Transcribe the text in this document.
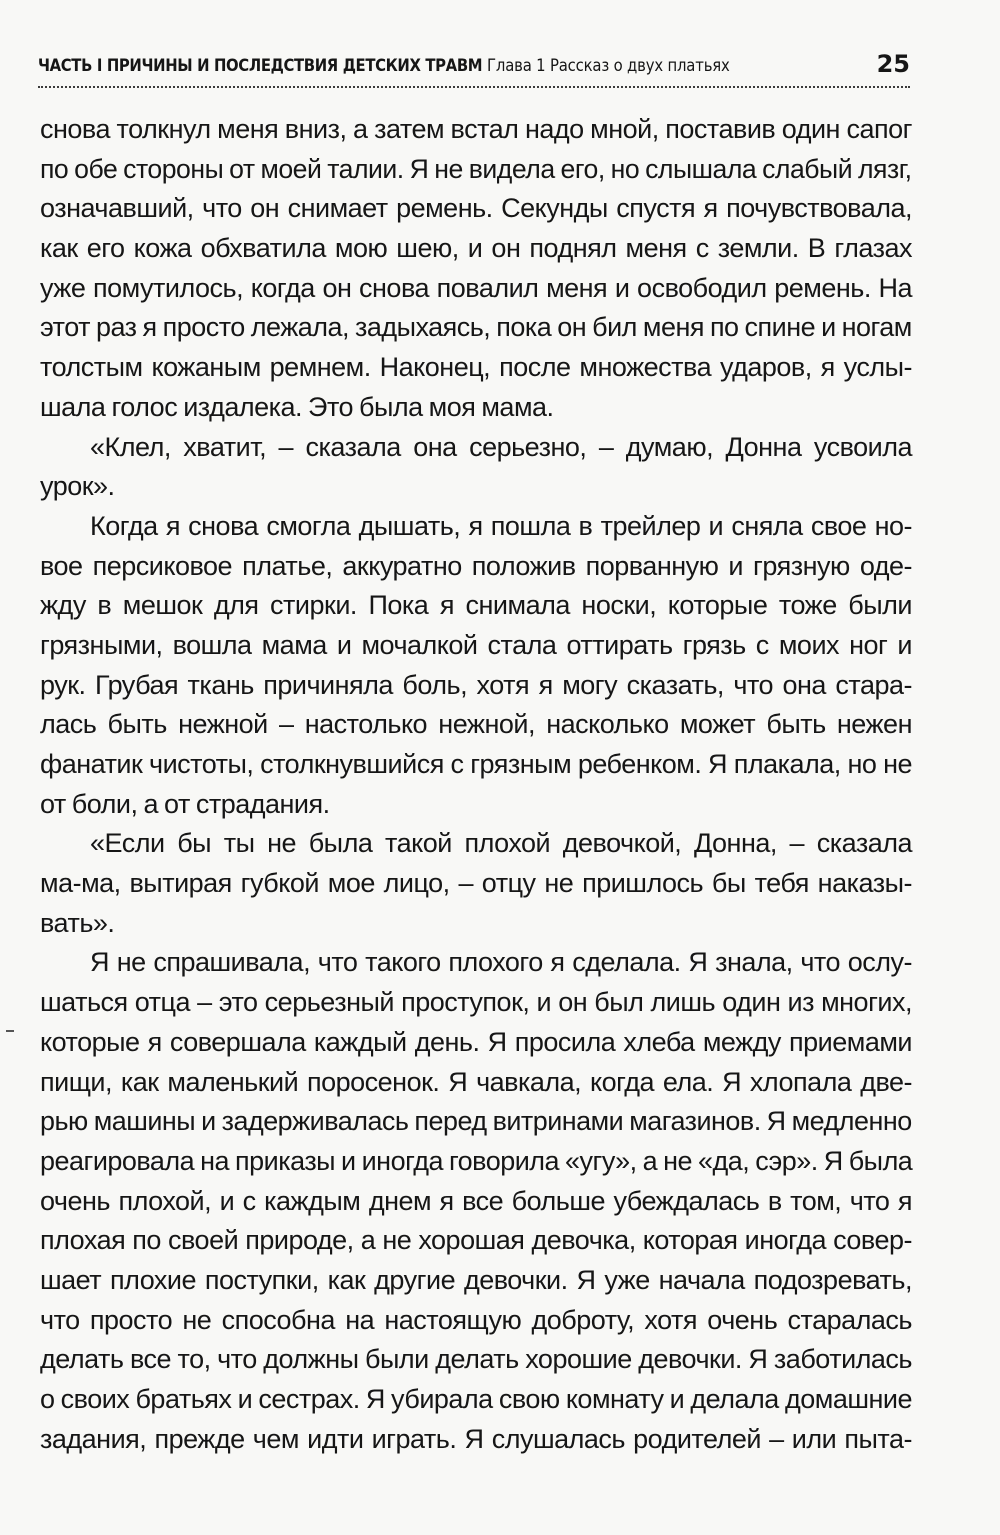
ЧАСТЬ I ПРИЧИНЫ И ПОСЛЕДСТВИЯ ДЕТСКИХ ТРАВМ Глава 1 Рассказ о двух платьях	25
снова толкнул меня вниз, а затем встал надо мной, поставив один сапог
по обе стороны от моей талии. Я не видела его, но слышала слабый лязг,
означавший, что он снимает ремень. Секунды спустя я почувствовала,
как его кожа обхватила мою шею, и он поднял меня с земли. В глазах
уже помутилось, когда он снова повалил меня и освободил ремень. На
этот раз я просто лежала, задыхаясь, пока он бил меня по спине и ногам
толстым кожаным ремнем. Наконец, после множества ударов, я услы-
шала голос издалека. Это была моя мама.
«Клел, хватит, – сказала она серьезно, – думаю, Донна усвоила
урок».
Когда я снова смогла дышать, я пошла в трейлер и сняла свое но-
вое персиковое платье, аккуратно положив порванную и грязную оде-
жду в мешок для стирки. Пока я снимала носки, которые тоже были
грязными, вошла мама и мочалкой стала оттирать грязь с моих ног и
рук. Грубая ткань причиняла боль, хотя я могу сказать, что она стара-
лась быть нежной – настолько нежной, насколько может быть нежен
фанатик чистоты, столкнувшийся с грязным ребенком. Я плакала, но не
от боли, а от страдания.
«Если бы ты не была такой плохой девочкой, Донна, – сказала
ма-ма, вытирая губкой мое лицо, – отцу не пришлось бы тебя наказы-
вать».
Я не спрашивала, что такого плохого я сделала. Я знала, что ослу-
шаться отца – это серьезный проступок, и он был лишь один из многих,
которые я совершала каждый день. Я просила хлеба между приемами
пищи, как маленький поросенок. Я чавкала, когда ела. Я хлопала две-
рью машины и задерживалась перед витринами магазинов. Я медленно
реагировала на приказы и иногда говорила «угу», а не «да, сэр». Я была
очень плохой, и с каждым днем я все больше убеждалась в том, что я
плохая по своей природе, а не хорошая девочка, которая иногда совер-
шает плохие поступки, как другие девочки. Я уже начала подозревать,
что просто не способна на настоящую доброту, хотя очень старалась
делать все то, что должны были делать хорошие девочки. Я заботилась
о своих братьях и сестрах. Я убирала свою комнату и делала домашние
задания, прежде чем идти играть. Я слушалась родителей – или пыта-
